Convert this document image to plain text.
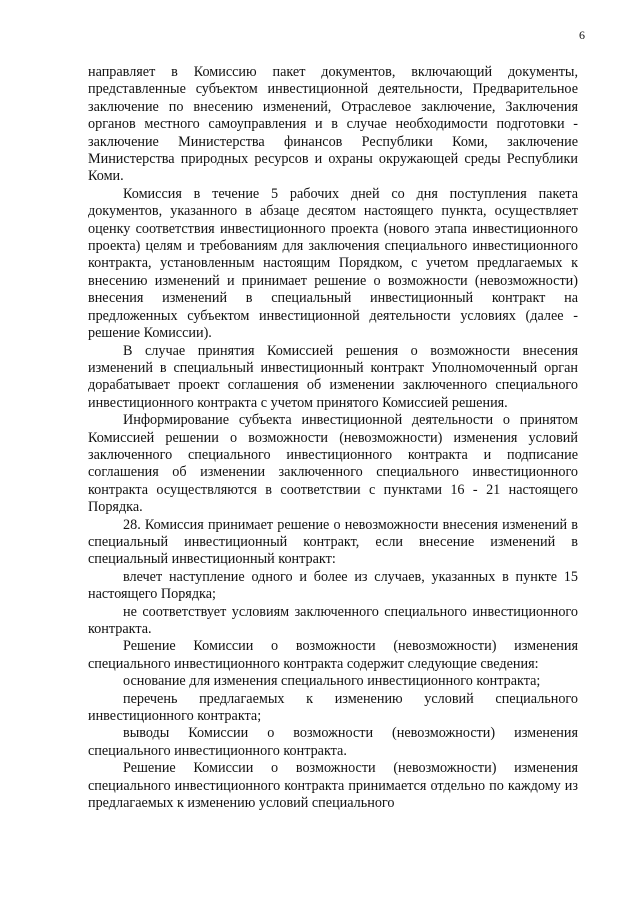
6

направляет в Комиссию пакет документов, включающий документы, представленные субъектом инвестиционной деятельности, Предварительное заключение по внесению изменений, Отраслевое заключение, Заключения органов местного самоуправления и в случае необходимости подготовки - заключение Министерства финансов Республики Коми, заключение Министерства природных ресурсов и охраны окружающей среды Республики Коми.

Комиссия в течение 5 рабочих дней со дня поступления пакета документов, указанного в абзаце десятом настоящего пункта, осуществляет оценку соответствия инвестиционного проекта (нового этапа инвестиционного проекта) целям и требованиям для заключения специального инвестиционного контракта, установленным настоящим Порядком, с учетом предлагаемых к внесению изменений и принимает решение о возможности (невозможности) внесения изменений в специальный инвестиционный контракт на предложенных субъектом инвестиционной деятельности условиях (далее - решение Комиссии).

В случае принятия Комиссией решения о возможности внесения изменений в специальный инвестиционный контракт Уполномоченный орган дорабатывает проект соглашения об изменении заключенного специального инвестиционного контракта с учетом принятого Комиссией решения.

Информирование субъекта инвестиционной деятельности о принятом Комиссией решении о возможности (невозможности) изменения условий заключенного специального инвестиционного контракта и подписание соглашения об изменении заключенного специального инвестиционного контракта осуществляются в соответствии с пунктами 16 - 21 настоящего Порядка.

28. Комиссия принимает решение о невозможности внесения изменений в специальный инвестиционный контракт, если внесение изменений в специальный инвестиционный контракт:

влечет наступление одного и более из случаев, указанных в пункте 15 настоящего Порядка;

не соответствует условиям заключенного специального инвестиционного контракта.

Решение Комиссии о возможности (невозможности) изменения специального инвестиционного контракта содержит следующие сведения:

основание для изменения специального инвестиционного контракта;

перечень предлагаемых к изменению условий специального инвестиционного контракта;

выводы Комиссии о возможности (невозможности) изменения специального инвестиционного контракта.

Решение Комиссии о возможности (невозможности) изменения специального инвестиционного контракта принимается отдельно по каждому из предлагаемых к изменению условий специального
